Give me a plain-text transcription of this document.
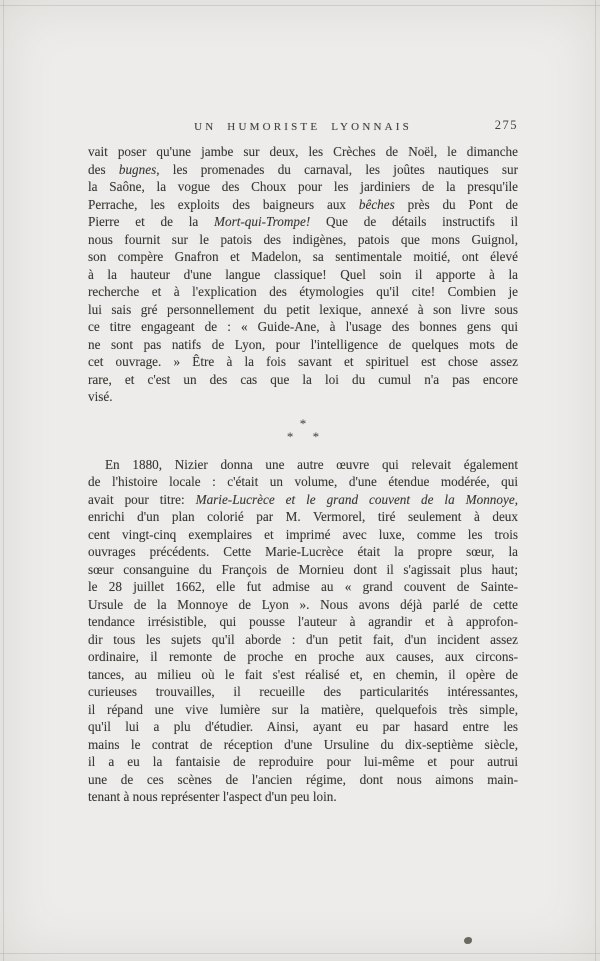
UN HUMORISTE LYONNAIS	275
vait poser qu'une jambe sur deux, les Crèches de Noël, le dimanche
des bugnes, les promenades du carnaval, les joûtes nautiques sur
la Saône, la vogue des Choux pour les jardiniers de la presqu'ile
Perrache, les exploits des baigneurs aux bêches près du Pont de
Pierre et de la Mort-qui-Trompe! Que de détails instructifs il
nous fournit sur le patois des indigènes, patois que mons Guignol,
son compère Gnafron et Madelon, sa sentimentale moitié, ont élevé
à la hauteur d'une langue classique! Quel soin il apporte à la
recherche et à l'explication des étymologies qu'il cite! Combien je
lui sais gré personnellement du petit lexique, annexé à son livre sous
ce titre engageant de : « Guide-Ane, à l'usage des bonnes gens qui
ne sont pas natifs de Lyon, pour l'intelligence de quelques mots de
cet ouvrage. » Être à la fois savant et spirituel est chose assez
rare, et c'est un des cas que la loi du cumul n'a pas encore
visé.
*
* *
En 1880, Nizier donna une autre œuvre qui relevait également
de l'histoire locale : c'était un volume, d'une étendue modérée, qui
avait pour titre: Marie-Lucrèce et le grand couvent de la Monnoye,
enrichi d'un plan colorié par M. Vermorel, tiré seulement à deux
cent vingt-cinq exemplaires et imprimé avec luxe, comme les trois
ouvrages précédents. Cette Marie-Lucrèce était la propre sœur, la
sœur consanguine du François de Mornieu dont il s'agissait plus haut;
le 28 juillet 1662, elle fut admise au « grand couvent de Sainte-
Ursule de la Monnoye de Lyon ». Nous avons déjà parlé de cette
tendance irrésistible, qui pousse l'auteur à agrandir et à approfon-
dir tous les sujets qu'il aborde : d'un petit fait, d'un incident assez
ordinaire, il remonte de proche en proche aux causes, aux circons-
tances, au milieu où le fait s'est réalisé et, en chemin, il opère de
curieuses trouvailles, il recueille des particularités intéressantes,
il répand une vive lumière sur la matière, quelquefois très simple,
qu'il lui a plu d'étudier. Ainsi, ayant eu par hasard entre les
mains le contrat de réception d'une Ursuline du dix-septième siècle,
il a eu la fantaisie de reproduire pour lui-même et pour autrui
une de ces scènes de l'ancien régime, dont nous aimons main-
tenant à nous représenter l'aspect d'un peu loin.
